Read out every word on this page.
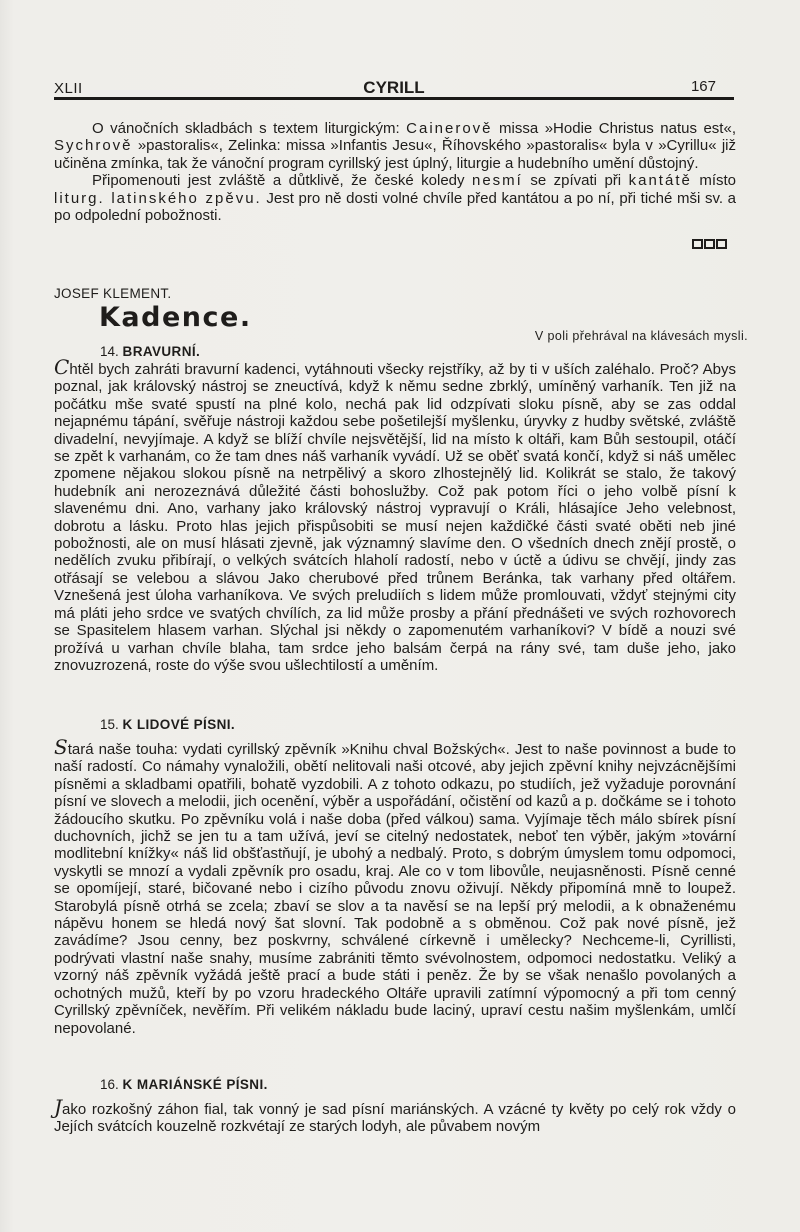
XLII	CYRILL	167

O vánočních skladbách s textem liturgickým: Cainerově missa »Hodie Christus natus est«, Sychrově »pastoralis«, Zelinka: missa »Infantis Jesu«, Říhovského »pastoralis« byla v »Cyrillu« již učiněna zmínka, tak že vánoční program cyrillský jest úplný, liturgie a hudebního umění důstojný.

Připomenouti jest zvláště a důtklivě, že české koledy nesmí se zpívati při kantátě místo liturg. latinského zpěvu. Jest pro ně dosti volné chvíle před kantátou a po ní, při tiché mši sv. a po odpolední pobožnosti.

JOSEF KLEMENT.
Kadence.
V poli přehrával na klávesách mysli.
14. BRAVURNÍ.

Chtěl bych zahráti bravurní kadenci, vytáhnouti všecky rejstříky, až by ti v uších zaléhalo. Proč? Abys poznal, jak královský nástroj se zneuctívá, když k němu sedne zbrklý, umíněný varhaník. Ten již na počátku mše svaté spustí na plné kolo, nechá pak lid odzpívati sloku písně, aby se zas oddal nejapnému tápání, svěřuje nástroji každou sebe pošetilejší myšlenku, úryvky z hudby světské, zvláště divadelní, nevyjímaje. A když se blíží chvíle nejsvětější, lid na místo k oltáři, kam Bůh sestoupil, otáčí se zpět k varhanám, co že tam dnes náš varhaník vyvádí. Už se oběť svatá končí, když si náš umělec zpomene nějakou slokou písně na netrpělivý a skoro zlhostejnělý lid. Kolikrát se stalo, že takový hudebník ani nerozeznává důležité části bohoslužby. Což pak potom říci o jeho volbě písní k slavenému dni. Ano, varhany jako královský nástroj vypravují o Králi, hlásajíce Jeho velebnost, dobrotu a lásku. Proto hlas jejich přispůsobiti se musí nejen každičké části svaté oběti neb jiné pobožnosti, ale on musí hlásati zjevně, jak významný slavíme den. O všedních dnech znějí prostě, o nedělích zvuku přibírají, o velkých svátcích hlaholí radostí, nebo v úctě a údivu se chvějí, jindy zas otřásají se velebou a slávou Jako cherubové před trůnem Beránka, tak varhany před oltářem. Vznešená jest úloha varhaníkova. Ve svých preludiích s lidem může promlouvati, vždyť stejnými city má pláti jeho srdce ve svatých chvílích, za lid může prosby a přání přednášeti ve svých rozhovorech se Spasitelem hlasem varhan. Slýchal jsi někdy o zapomenutém varhaníkovi? V bídě a nouzi své prožívá u varhan chvíle blaha, tam srdce jeho balsám čerpá na rány své, tam duše jeho, jako znovuzrozená, roste do výše svou ušlechtilostí a uměním.

15. K LIDOVÉ PÍSNI.

Stará naše touha: vydati cyrillský zpěvník »Knihu chval Božských«. Jest to naše povinnost a bude to naší radostí. Co námahy vynaložili, obětí nelitovali naši otcové, aby jejich zpěvní knihy nejvzácnějšími písněmi a skladbami opatřili, bohatě vyzdobili. A z tohoto odkazu, po studiích, jež vyžaduje porovnání písní ve slovech a melodii, jich ocenění, výběr a uspořádání, očistění od kazů a p. dočkáme se i tohoto žádoucího skutku. Po zpěvníku volá i naše doba (před válkou) sama. Vyjímaje těch málo sbírek písní duchovních, jichž se jen tu a tam užívá, jeví se citelný nedostatek, neboť ten výběr, jakým »tovární modlitební knížky« náš lid obšťastňují, je ubohý a nedbalý. Proto, s dobrým úmyslem tomu odpomoci, vyskytli se mnozí a vydali zpěvník pro osadu, kraj. Ale co v tom libovůle, neujasněnosti. Písně cenné se opomíjejí, staré, bičované nebo i cizího původu znovu oživují. Někdy připomíná mně to loupež. Starobylá písně otrhá se zcela; zbaví se slov a ta navěsí se na lepší prý melodii, a k obnaženému nápěvu honem se hledá nový šat slovní. Tak podobně a s obměnou. Což pak nové písně, jež zavádíme? Jsou cenny, bez poskvrny, schválené církevně i umělecky? Nechceme-li, Cyrillisti, podrývati vlastní naše snahy, musíme zabrániti těmto svévolnostem, odpomoci nedostatku. Veliký a vzorný náš zpěvník vyžádá ještě prací a bude státi i peněz. Že by se však nenašlo povolaných a ochotných mužů, kteří by po vzoru hradeckého Oltáře upravili zatímní výpomocný a při tom cenný Cyrillský zpěvníček, nevěřím. Při velikém nákladu bude laciný, upraví cestu našim myšlenkám, umlčí nepovolané.

16. K MARIÁNSKÉ PÍSNI.

Jako rozkošný záhon fial, tak vonný je sad písní mariánských. A vzácné ty květy po celý rok vždy o Jejích svátcích kouzelně rozkvétají ze starých lodyh, ale půvabem novým
